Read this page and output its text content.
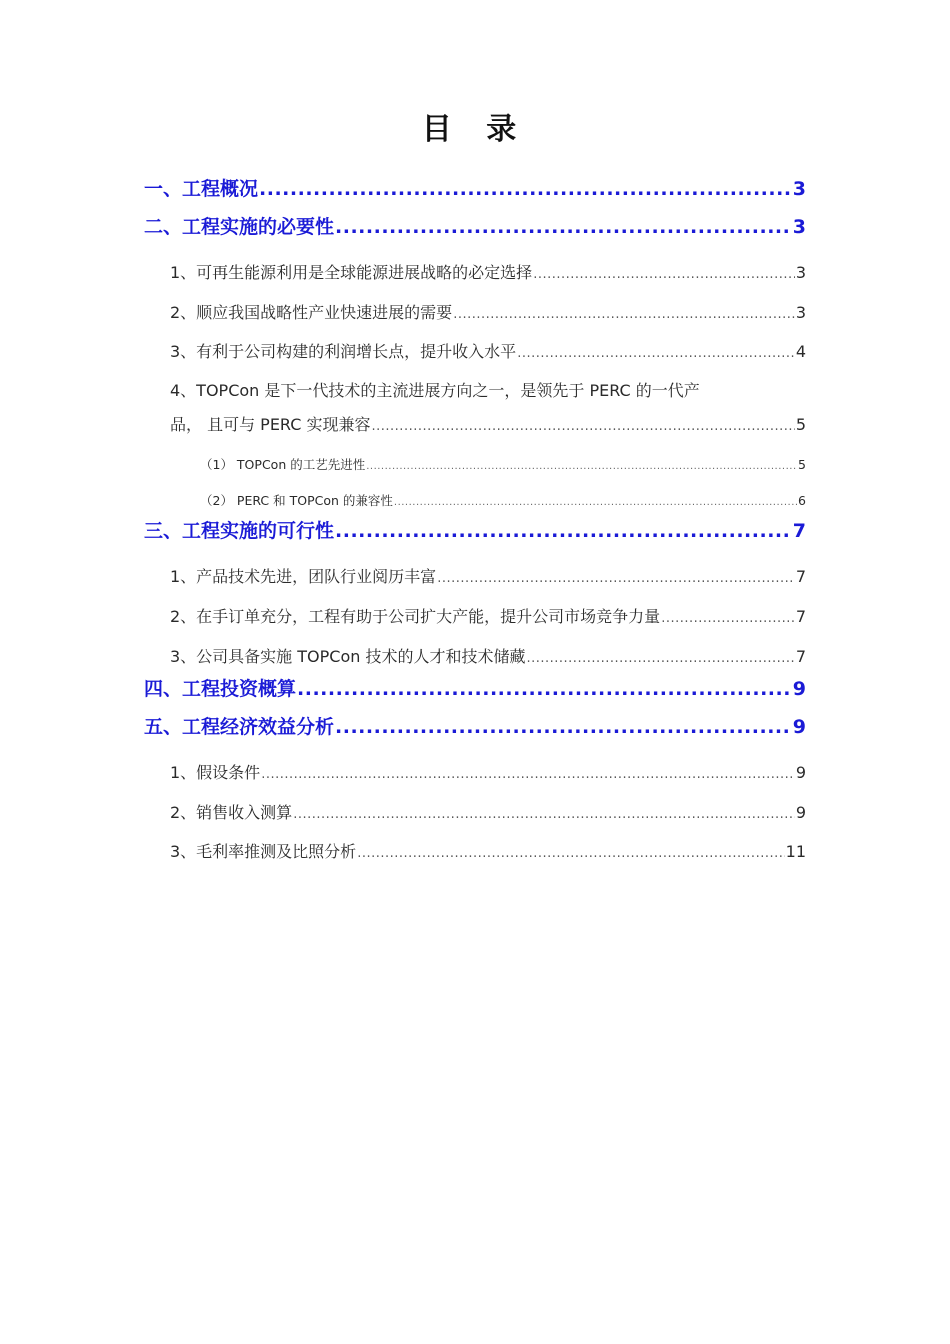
目 录
一、工程概况 .....	3
二、工程实施的必要性 .....	3
1、可再生能源利用是全球能源进展战略的必定选择 .....	3
2、顺应我国战略性产业快速进展的需要 .....	3
3、有利于公司构建的利润增长点，提升收入水平 .....	4
4、TOPCon 是下一代技术的主流进展方向之一，是领先于 PERC 的一代产
品， 且可与 PERC 实现兼容 .....	5
（1） TOPCon 的工艺先进性 .....	5
（2） PERC 和 TOPCon 的兼容性 .....	6
三、工程实施的可行性 .....	7
1、产品技术先进，团队行业阅历丰富 .....	7
2、在手订单充分，工程有助于公司扩大产能，提升公司市场竞争力量 .....	7
3、公司具备实施 TOPCon 技术的人才和技术储藏 .....	7
四、工程投资概算 .....	9
五、工程经济效益分析 .....	9
1、假设条件 .....	9
2、销售收入测算 .....	9
3、毛利率推测及比照分析 .....	11
